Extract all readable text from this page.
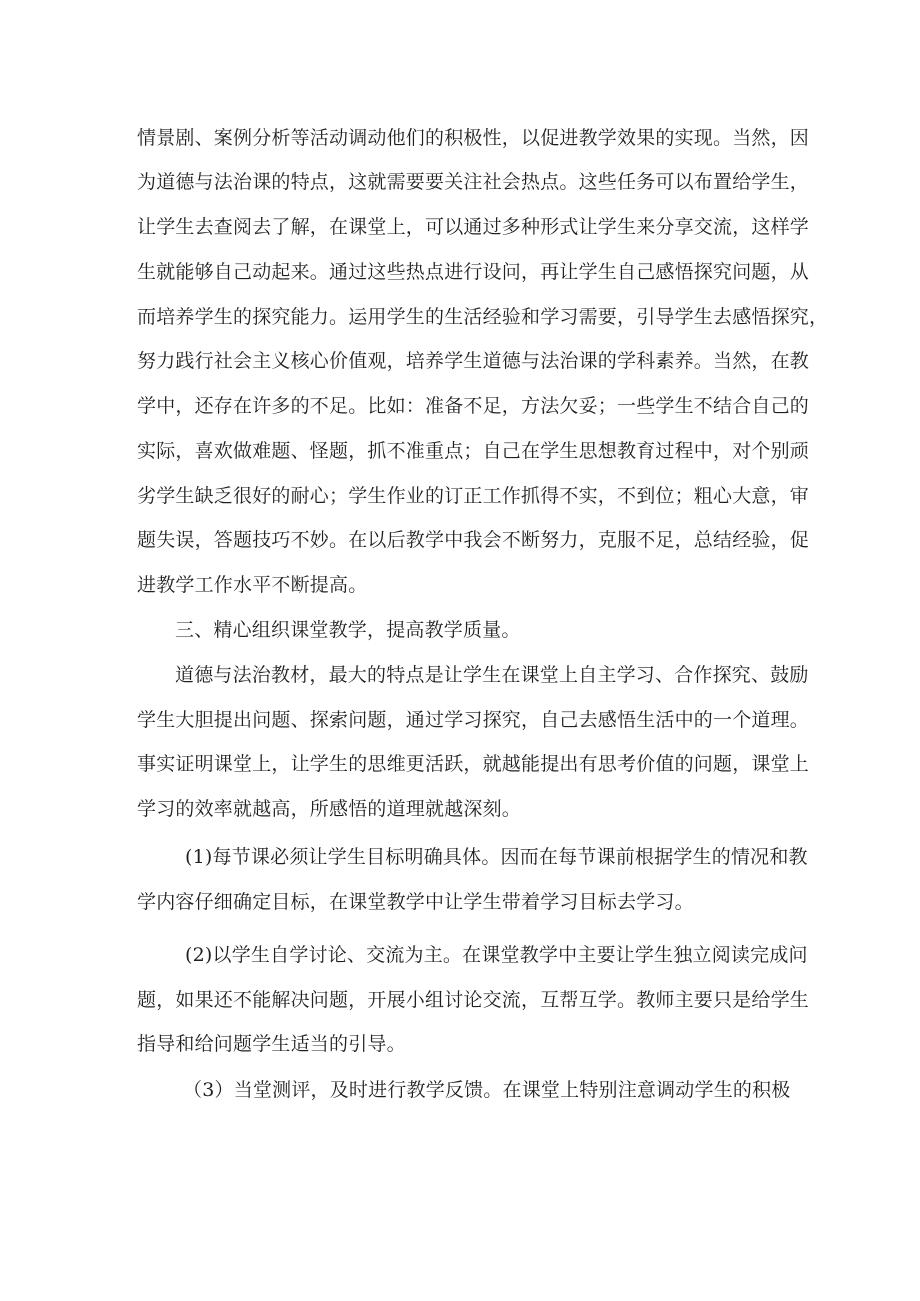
情景剧、案例分析等活动调动他们的积极性，以促进教学效果的实现。当然，因
为道德与法治课的特点，这就需要要关注社会热点。这些任务可以布置给学生，
让学生去查阅去了解，在课堂上，可以通过多种形式让学生来分享交流，这样学
生就能够自己动起来。通过这些热点进行设问，再让学生自己感悟探究问题，从
而培养学生的探究能力。运用学生的生活经验和学习需要，引导学生去感悟探究，
努力践行社会主义核心价值观，培养学生道德与法治课的学科素养。当然，在教
学中，还存在许多的不足。比如：准备不足，方法欠妥；一些学生不结合自己的
实际，喜欢做难题、怪题，抓不准重点；自己在学生思想教育过程中，对个别顽
劣学生缺乏很好的耐心；学生作业的订正工作抓得不实，不到位；粗心大意，审
题失误，答题技巧不妙。在以后教学中我会不断努力，克服不足，总结经验，促
进教学工作水平不断提高。
三、精心组织课堂教学，提高教学质量。
道德与法治教材，最大的特点是让学生在课堂上自主学习、合作探究、鼓励
学生大胆提出问题、探索问题，通过学习探究，自己去感悟生活中的一个道理。
事实证明课堂上，让学生的思维更活跃，就越能提出有思考价值的问题，课堂上
学习的效率就越高，所感悟的道理就越深刻。
(1)每节课必须让学生目标明确具体。因而在每节课前根据学生的情况和教
学内容仔细确定目标，在课堂教学中让学生带着学习目标去学习。
(2)以学生自学讨论、交流为主。在课堂教学中主要让学生独立阅读完成问
题，如果还不能解决问题，开展小组讨论交流，互帮互学。教师主要只是给学生
指导和给问题学生适当的引导。
（3）当堂测评，及时进行教学反馈。在课堂上特别注意调动学生的积极
